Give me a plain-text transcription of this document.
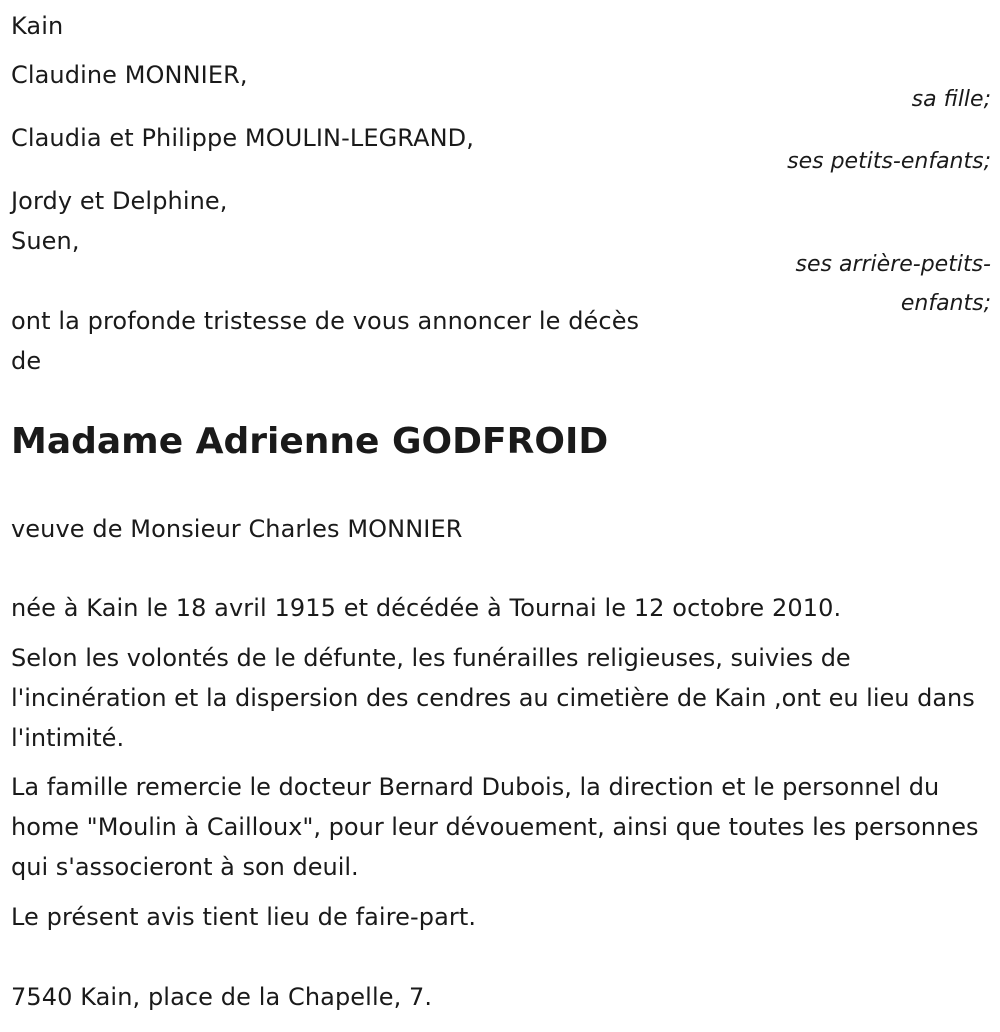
Kain

Claudine MONNIER,

sa fille;

Claudia et Philippe MOULIN-LEGRAND,

ses petits-enfants;

Jordy et Delphine,

Suen,

ses arrière-petits-

enfants;

ont la profonde tristesse de vous annoncer le décès

de

Madame Adrienne GODFROID

veuve de Monsieur Charles MONNIER

née à Kain le 18 avril 1915 et décédée à Tournai le 12 octobre 2010.

Selon les volontés de le défunte, les funérailles religieuses, suivies de l'incinération et la dispersion des cendres au cimetière de Kain ,ont eu lieu dans l'intimité.

La famille remercie le docteur Bernard Dubois, la direction et le personnel du home "Moulin à Cailloux", pour leur dévouement, ainsi que toutes les personnes qui s'associeront à son deuil.

Le présent avis tient lieu de faire-part.

7540 Kain, place de la Chapelle, 7.
